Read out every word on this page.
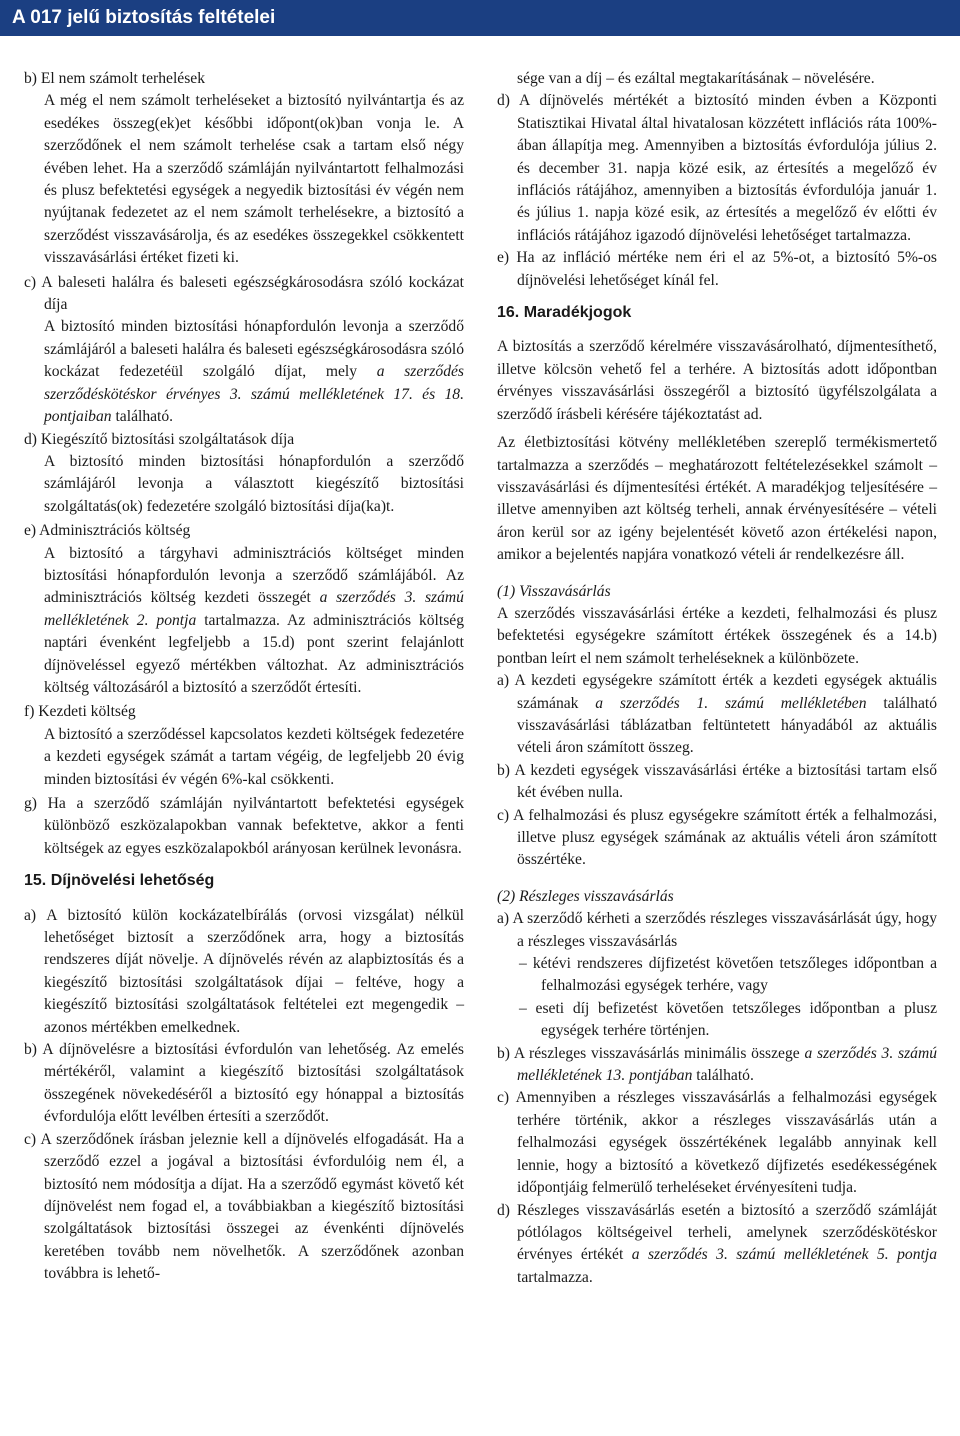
A 017 jelű biztosítás feltételei

b) El nem számolt terhelések

A még el nem számolt terheléseket a biztosító nyilvántartja és az esedékes összeg(ek)et későbbi időpont(ok)ban vonja le. A szerződőnek el nem számolt terhelése csak a tartam első négy évében lehet. Ha a szerződő számláján nyilvántartott felhalmozási és plusz befektetési egységek a negyedik biztosítási év végén nem nyújtanak fedezetet az el nem számolt terhelésekre, a biztosító a szerződést visszavásárolja, és az esedékes összegekkel csökkentett visszavásárlási értéket fizeti ki.

c) A baleseti halálra és baleseti egészségkárosodásra szóló kockázat díja

A biztosító minden biztosítási hónapfordulón levonja a szerződő számlájáról a baleseti halálra és baleseti egészségkárosodásra szóló kockázat fedezetéül szolgáló díjat, mely a szerződés szerződéskötéskor érvényes 3. számú mellékletének 17. és 18. pontjaiban található.

d) Kiegészítő biztosítási szolgáltatások díja

A biztosító minden biztosítási hónapfordulón a szerződő számlájáról levonja a választott kiegészítő biztosítási szolgáltatás(ok) fedezetére szolgáló biztosítási díja(ka)t.

e) Adminisztrációs költség

A biztosító a tárgyhavi adminisztrációs költséget minden biztosítási hónapfordulón levonja a szerződő számlájából. Az adminisztrációs költség kezdeti összegét a szerződés 3. számú mellékletének 2. pontja tartalmazza. Az adminisztrációs költség naptári évenként legfeljebb a 15.d) pont szerint felajánlott díjnöveléssel egyező mértékben változhat. Az adminisztrációs költség változásáról a biztosító a szerződőt értesíti.

f) Kezdeti költség

A biztosító a szerződéssel kapcsolatos kezdeti költségek fedezetére a kezdeti egységek számát a tartam végéig, de legfeljebb 20 évig minden biztosítási év végén 6%-kal csökkenti.

g) Ha a szerződő számláján nyilvántartott befektetési egységek különböző eszközalapokban vannak befektetve, akkor a fenti költségek az egyes eszközalapokból arányosan kerülnek levonásra.

15. Díjnövelési lehetőség

a) A biztosító külön kockázatelbírálás (orvosi vizsgálat) nélkül lehetőséget biztosít a szerződőnek arra, hogy a biztosítás rendszeres díját növelje. A díjnövelés révén az alapbiztosítás és a kiegészítő biztosítási szolgáltatások díjai – feltéve, hogy a kiegészítő biztosítási szolgáltatások feltételei ezt megengedik – azonos mértékben emelkednek.

b) A díjnövelésre a biztosítási évfordulón van lehetőség. Az emelés mértékéről, valamint a kiegészítő biztosítási szolgáltatások összegének növekedéséről a biztosító egy hónappal a biztosítás évfordulója előtt levélben értesíti a szerződőt.

c) A szerződőnek írásban jeleznie kell a díjnövelés elfogadását. Ha a szerződő ezzel a jogával a biztosítási évfordulóig nem él, a biztosító nem módosítja a díjat. Ha a szerződő egymást követő két díjnövelést nem fogad el, a továbbiakban a kiegészítő biztosítási szolgáltatások biztosítási összegei az évenkénti díjnövelés keretében tovább nem növelhetők. A szerződőnek azonban továbbra is lehető-

sége van a díj – és ezáltal megtakarításának – növelésére.

d) A díjnövelés mértékét a biztosító minden évben a Központi Statisztikai Hivatal által hivatalosan közzétett inflációs ráta 100%-ában állapítja meg. Amennyiben a biztosítás évfordulója július 2. és december 31. napja közé esik, az értesítés a megelőző év inflációs rátájához, amennyiben a biztosítás évfordulója január 1. és július 1. napja közé esik, az értesítés a megelőző év előtti év inflációs rátájához igazodó díjnövelési lehetőséget tartalmazza.

e) Ha az infláció mértéke nem éri el az 5%-ot, a biztosító 5%-os díjnövelési lehetőséget kínál fel.

16. Maradékjogok

A biztosítás a szerződő kérelmére visszavásárolható, díjmentesíthető, illetve kölcsön vehető fel a terhére. A biztosítás adott időpontban érvényes visszavásárlási összegéről a biztosító ügyfélszolgálata a szerződő írásbeli kérésére tájékoztatást ad.

Az életbiztosítási kötvény mellékletében szereplő termékismertető tartalmazza a szerződés – meghatározott feltételezésekkel számolt – visszavásárlási és díjmentesítési értékét. A maradékjog teljesítésére – illetve amennyiben azt költség terheli, annak érvényesítésére – vételi áron kerül sor az igény bejelentését követő azon értékelési napon, amikor a bejelentés napjára vonatkozó vételi ár rendelkezésre áll.

(1) Visszavásárlás

A szerződés visszavásárlási értéke a kezdeti, felhalmozási és plusz befektetési egységekre számított értékek összegének és a 14.b) pontban leírt el nem számolt terheléseknek a különbözete.

a) A kezdeti egységekre számított érték a kezdeti egységek aktuális számának a szerződés 1. számú mellékletében található visszavásárlási táblázatban feltüntetett hányadából az aktuális vételi áron számított összeg.

b) A kezdeti egységek visszavásárlási értéke a biztosítási tartam első két évében nulla.

c) A felhalmozási és plusz egységekre számított érték a felhalmozási, illetve plusz egységek számának az aktuális vételi áron számított összértéke.

(2) Részleges visszavásárlás

a) A szerződő kérheti a szerződés részleges visszavásárlását úgy, hogy a részleges visszavásárlás

– kétévi rendszeres díjfizetést követően tetszőleges időpontban a felhalmozási egységek terhére, vagy

– eseti díj befizetést követően tetszőleges időpontban a plusz egységek terhére történjen.

b) A részleges visszavásárlás minimális összege a szerződés 3. számú mellékletének 13. pontjában található.

c) Amennyiben a részleges visszavásárlás a felhalmozási egységek terhére történik, akkor a részleges visszavásárlás után a felhalmozási egységek összértékének legalább annyinak kell lennie, hogy a biztosító a következő díjfizetés esedékességének időpontjáig felmerülő terheléseket érvényesíteni tudja.

d) Részleges visszavásárlás esetén a biztosító a szerződő számláját pótlólagos költségeivel terheli, amelynek szerződéskötéskor érvényes értékét a szerződés 3. számú mellékletének 5. pontja tartalmazza.
